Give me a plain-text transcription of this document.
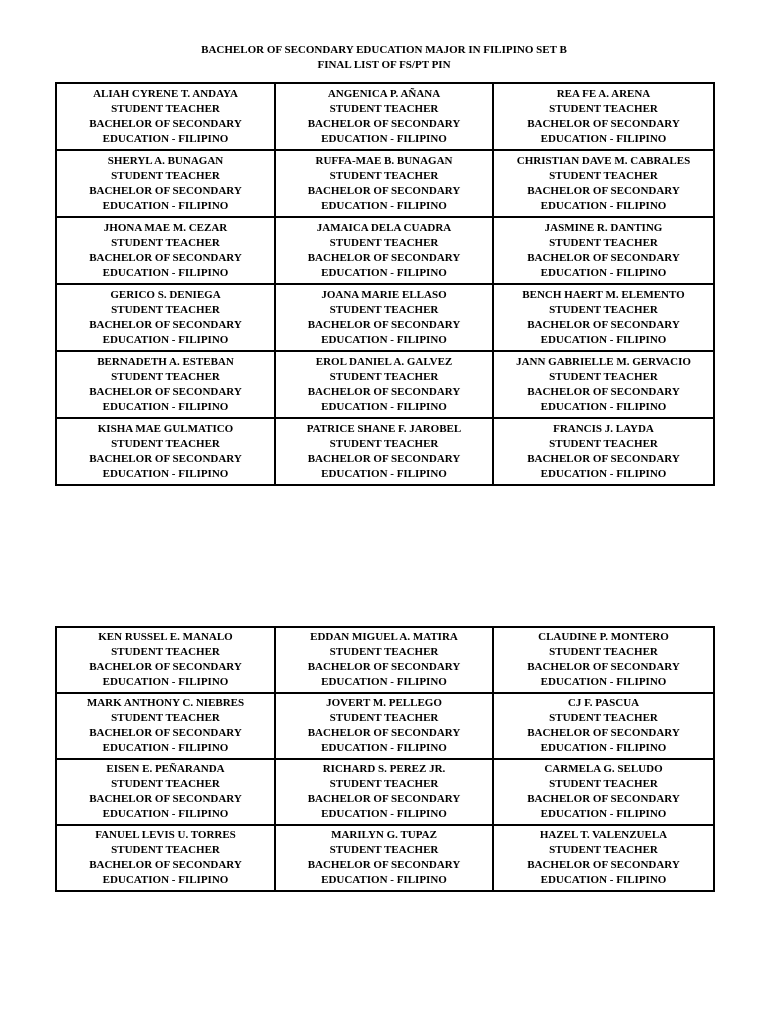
BACHELOR OF SECONDARY EDUCATION MAJOR IN FILIPINO SET B
FINAL LIST OF FS/PT PIN
ALIAH CYRENE T. ANDAYA
STUDENT TEACHER
BACHELOR OF SECONDARY
EDUCATION - FILIPINO	ANGENICA P. AÑANA
STUDENT TEACHER
BACHELOR OF SECONDARY
EDUCATION - FILIPINO	REA FE A. ARENA
STUDENT TEACHER
BACHELOR OF SECONDARY
EDUCATION - FILIPINO

SHERYL A. BUNAGAN
STUDENT TEACHER
BACHELOR OF SECONDARY
EDUCATION - FILIPINO	RUFFA-MAE B. BUNAGAN
STUDENT TEACHER
BACHELOR OF SECONDARY
EDUCATION - FILIPINO	CHRISTIAN DAVE M. CABRALES
STUDENT TEACHER
BACHELOR OF SECONDARY
EDUCATION - FILIPINO

JHONA MAE M. CEZAR
STUDENT TEACHER
BACHELOR OF SECONDARY
EDUCATION - FILIPINO	JAMAICA DELA CUADRA
STUDENT TEACHER
BACHELOR OF SECONDARY
EDUCATION - FILIPINO	JASMINE R. DANTING
STUDENT TEACHER
BACHELOR OF SECONDARY
EDUCATION - FILIPINO

GERICO S. DENIEGA
STUDENT TEACHER
BACHELOR OF SECONDARY
EDUCATION - FILIPINO	JOANA MARIE ELLASO
STUDENT TEACHER
BACHELOR OF SECONDARY
EDUCATION - FILIPINO	BENCH HAERT M. ELEMENTO
STUDENT TEACHER
BACHELOR OF SECONDARY
EDUCATION - FILIPINO

BERNADETH A. ESTEBAN
STUDENT TEACHER
BACHELOR OF SECONDARY
EDUCATION - FILIPINO	EROL DANIEL A. GALVEZ
STUDENT TEACHER
BACHELOR OF SECONDARY
EDUCATION - FILIPINO	JANN GABRIELLE M. GERVACIO
STUDENT TEACHER
BACHELOR OF SECONDARY
EDUCATION - FILIPINO

KISHA MAE GULMATICO
STUDENT TEACHER
BACHELOR OF SECONDARY
EDUCATION - FILIPINO	PATRICE SHANE F. JAROBEL
STUDENT TEACHER
BACHELOR OF SECONDARY
EDUCATION - FILIPINO	FRANCIS J. LAYDA
STUDENT TEACHER
BACHELOR OF SECONDARY
EDUCATION - FILIPINO
KEN RUSSEL E. MANALO
STUDENT TEACHER
BACHELOR OF SECONDARY
EDUCATION - FILIPINO	EDDAN MIGUEL A. MATIRA
STUDENT TEACHER
BACHELOR OF SECONDARY
EDUCATION - FILIPINO	CLAUDINE P. MONTERO
STUDENT TEACHER
BACHELOR OF SECONDARY
EDUCATION - FILIPINO

MARK ANTHONY C. NIEBRES
STUDENT TEACHER
BACHELOR OF SECONDARY
EDUCATION - FILIPINO	JOVERT M. PELLEGO
STUDENT TEACHER
BACHELOR OF SECONDARY
EDUCATION - FILIPINO	CJ F. PASCUA
STUDENT TEACHER
BACHELOR OF SECONDARY
EDUCATION - FILIPINO

EISEN E. PEÑARANDA
STUDENT TEACHER
BACHELOR OF SECONDARY
EDUCATION - FILIPINO	RICHARD S. PEREZ JR.
STUDENT TEACHER
BACHELOR OF SECONDARY
EDUCATION - FILIPINO	CARMELA G. SELUDO
STUDENT TEACHER
BACHELOR OF SECONDARY
EDUCATION - FILIPINO

FANUEL LEVIS U. TORRES
STUDENT TEACHER
BACHELOR OF SECONDARY
EDUCATION - FILIPINO	MARILYN G. TUPAZ
STUDENT TEACHER
BACHELOR OF SECONDARY
EDUCATION - FILIPINO	HAZEL T. VALENZUELA
STUDENT TEACHER
BACHELOR OF SECONDARY
EDUCATION - FILIPINO
